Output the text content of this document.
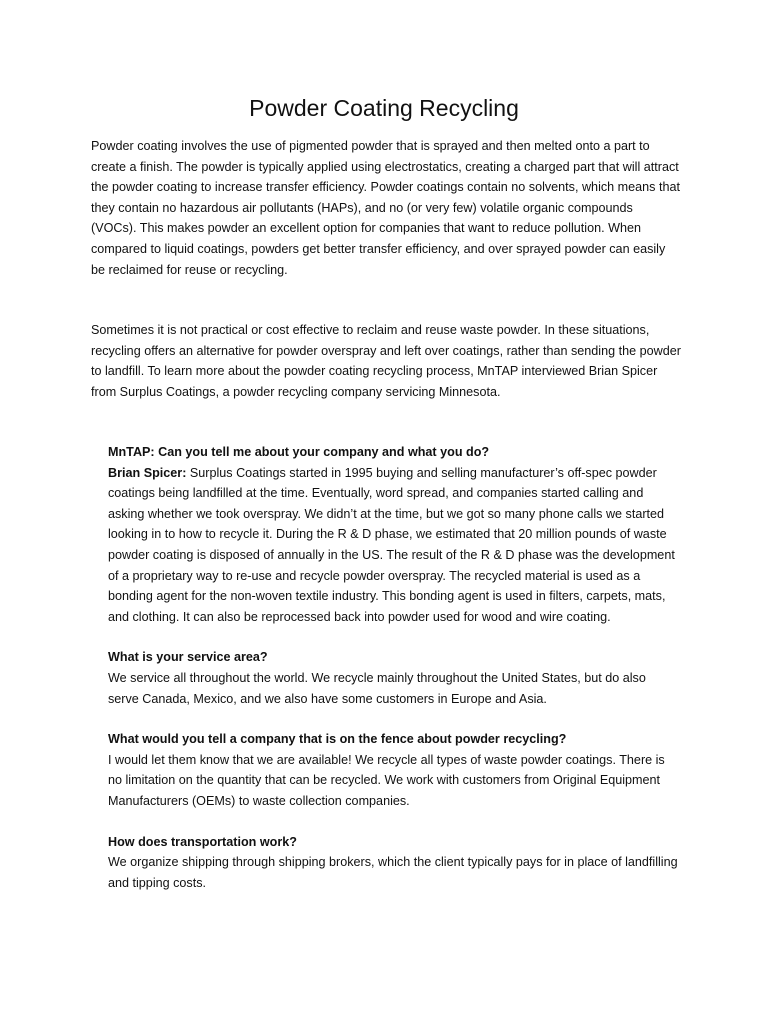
Powder Coating Recycling

Powder coating involves the use of pigmented powder that is sprayed and then melted onto a part to create a finish. The powder is typically applied using electrostatics, creating a charged part that will attract the powder coating to increase transfer efficiency. Powder coatings contain no solvents, which means that they contain no hazardous air pollutants (HAPs), and no (or very few) volatile organic compounds (VOCs). This makes powder an excellent option for companies that want to reduce pollution. When compared to liquid coatings, powders get better transfer efficiency, and over sprayed powder can easily be reclaimed for reuse or recycling.

Sometimes it is not practical or cost effective to reclaim and reuse waste powder. In these situations, recycling offers an alternative for powder overspray and left over coatings, rather than sending the powder to landfill. To learn more about the powder coating recycling process, MnTAP interviewed Brian Spicer from Surplus Coatings, a powder recycling company servicing Minnesota.

MnTAP: Can you tell me about your company and what you do?

Brian Spicer: Surplus Coatings started in 1995 buying and selling manufacturer’s off-spec powder coatings being landfilled at the time. Eventually, word spread, and companies started calling and asking whether we took overspray. We didn’t at the time, but we got so many phone calls we started looking in to how to recycle it. During the R & D phase, we estimated that 20 million pounds of waste powder coating is disposed of annually in the US. The result of the R & D phase was the development of a proprietary way to re-use and recycle powder overspray. The recycled material is used as a bonding agent for the non-woven textile industry. This bonding agent is used in filters, carpets, mats, and clothing. It can also be reprocessed back into powder used for wood and wire coating.

What is your service area?

We service all throughout the world. We recycle mainly throughout the United States, but do also serve Canada, Mexico, and we also have some customers in Europe and Asia.

What would you tell a company that is on the fence about powder recycling?

I would let them know that we are available! We recycle all types of waste powder coatings. There is no limitation on the quantity that can be recycled. We work with customers from Original Equipment Manufacturers (OEMs) to waste collection companies.

How does transportation work?

We organize shipping through shipping brokers, which the client typically pays for in place of landfilling and tipping costs.
